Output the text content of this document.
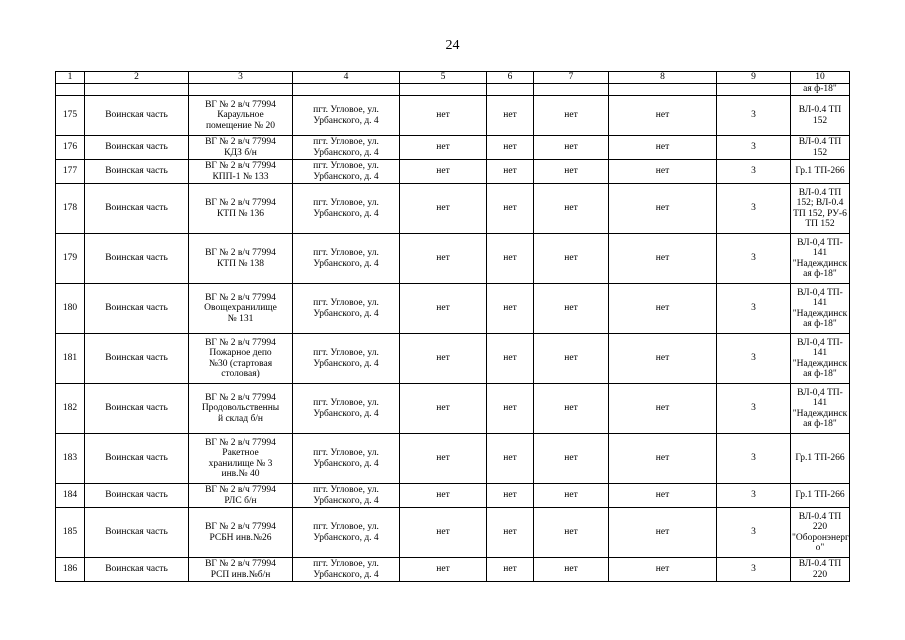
24
1	2	3	4	5	6	7	8	9	10
									ая ф-18"
175	Воинская часть	ВГ № 2 в/ч 77994
Караульное
помещение № 20	пгт. Угловое, ул.
Урбанского, д. 4	нет	нет	нет	нет	3	ВЛ-0.4 ТП
152
176	Воинская часть	ВГ № 2 в/ч 77994
КДЗ б/н	пгт. Угловое, ул.
Урбанского, д. 4	нет	нет	нет	нет	3	ВЛ-0.4 ТП
152
177	Воинская часть	ВГ № 2 в/ч 77994
КПП-1 № 133	пгт. Угловое, ул.
Урбанского, д. 4	нет	нет	нет	нет	3	Гр.1 ТП-266
178	Воинская часть	ВГ № 2 в/ч 77994
КТП № 136	пгт. Угловое, ул.
Урбанского, д. 4	нет	нет	нет	нет	3	ВЛ-0.4 ТП
152; ВЛ-0.4
ТП 152, РУ-6
ТП 152
179	Воинская часть	ВГ № 2 в/ч 77994
КТП № 138	пгт. Угловое, ул.
Урбанского, д. 4	нет	нет	нет	нет	3	ВЛ-0,4 ТП-
141
"Надеждинск
ая ф-18"
180	Воинская часть	ВГ № 2 в/ч 77994
Овощехранилище
№ 131	пгт. Угловое, ул.
Урбанского, д. 4	нет	нет	нет	нет	3	ВЛ-0,4 ТП-
141
"Надеждинск
ая ф-18"
181	Воинская часть	ВГ № 2 в/ч 77994
Пожарное депо
№30 (стартовая
столовая)	пгт. Угловое, ул.
Урбанского, д. 4	нет	нет	нет	нет	3	ВЛ-0,4 ТП-
141
"Надеждинск
ая ф-18"
182	Воинская часть	ВГ № 2 в/ч 77994
Продовольственны
й склад б/н	пгт. Угловое, ул.
Урбанского, д. 4	нет	нет	нет	нет	3	ВЛ-0,4 ТП-
141
"Надеждинск
ая ф-18"
183	Воинская часть	ВГ № 2 в/ч 77994
Ракетное
хранилище № 3
инв.№ 40	пгт. Угловое, ул.
Урбанского, д. 4	нет	нет	нет	нет	3	Гр.1 ТП-266
184	Воинская часть	ВГ № 2 в/ч 77994
РЛС б/н	пгт. Угловое, ул.
Урбанского, д. 4	нет	нет	нет	нет	3	Гр.1 ТП-266
185	Воинская часть	ВГ № 2 в/ч 77994
РСБН инв.№26	пгт. Угловое, ул.
Урбанского, д. 4	нет	нет	нет	нет	3	ВЛ-0.4 ТП
220
"Оборонэнерг
о"
186	Воинская часть	ВГ № 2 в/ч 77994
РСП инв.№б/н	пгт. Угловое, ул.
Урбанского, д. 4	нет	нет	нет	нет	3	ВЛ-0.4 ТП
220
